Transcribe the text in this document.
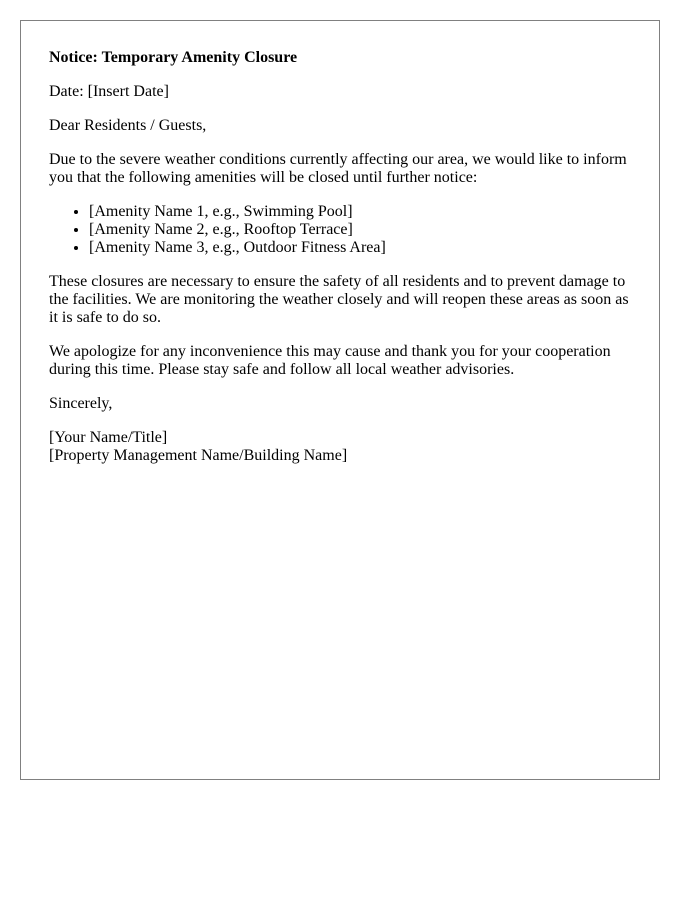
Notice: Temporary Amenity Closure

Date: [Insert Date]

Dear Residents / Guests,

Due to the severe weather conditions currently affecting our area, we would like to inform you that the following amenities will be closed until further notice:

• [Amenity Name 1, e.g., Swimming Pool]
• [Amenity Name 2, e.g., Rooftop Terrace]
• [Amenity Name 3, e.g., Outdoor Fitness Area]

These closures are necessary to ensure the safety of all residents and to prevent damage to the facilities. We are monitoring the weather closely and will reopen these areas as soon as it is safe to do so.

We apologize for any inconvenience this may cause and thank you for your cooperation during this time. Please stay safe and follow all local weather advisories.

Sincerely,

[Your Name/Title]
[Property Management Name/Building Name]
